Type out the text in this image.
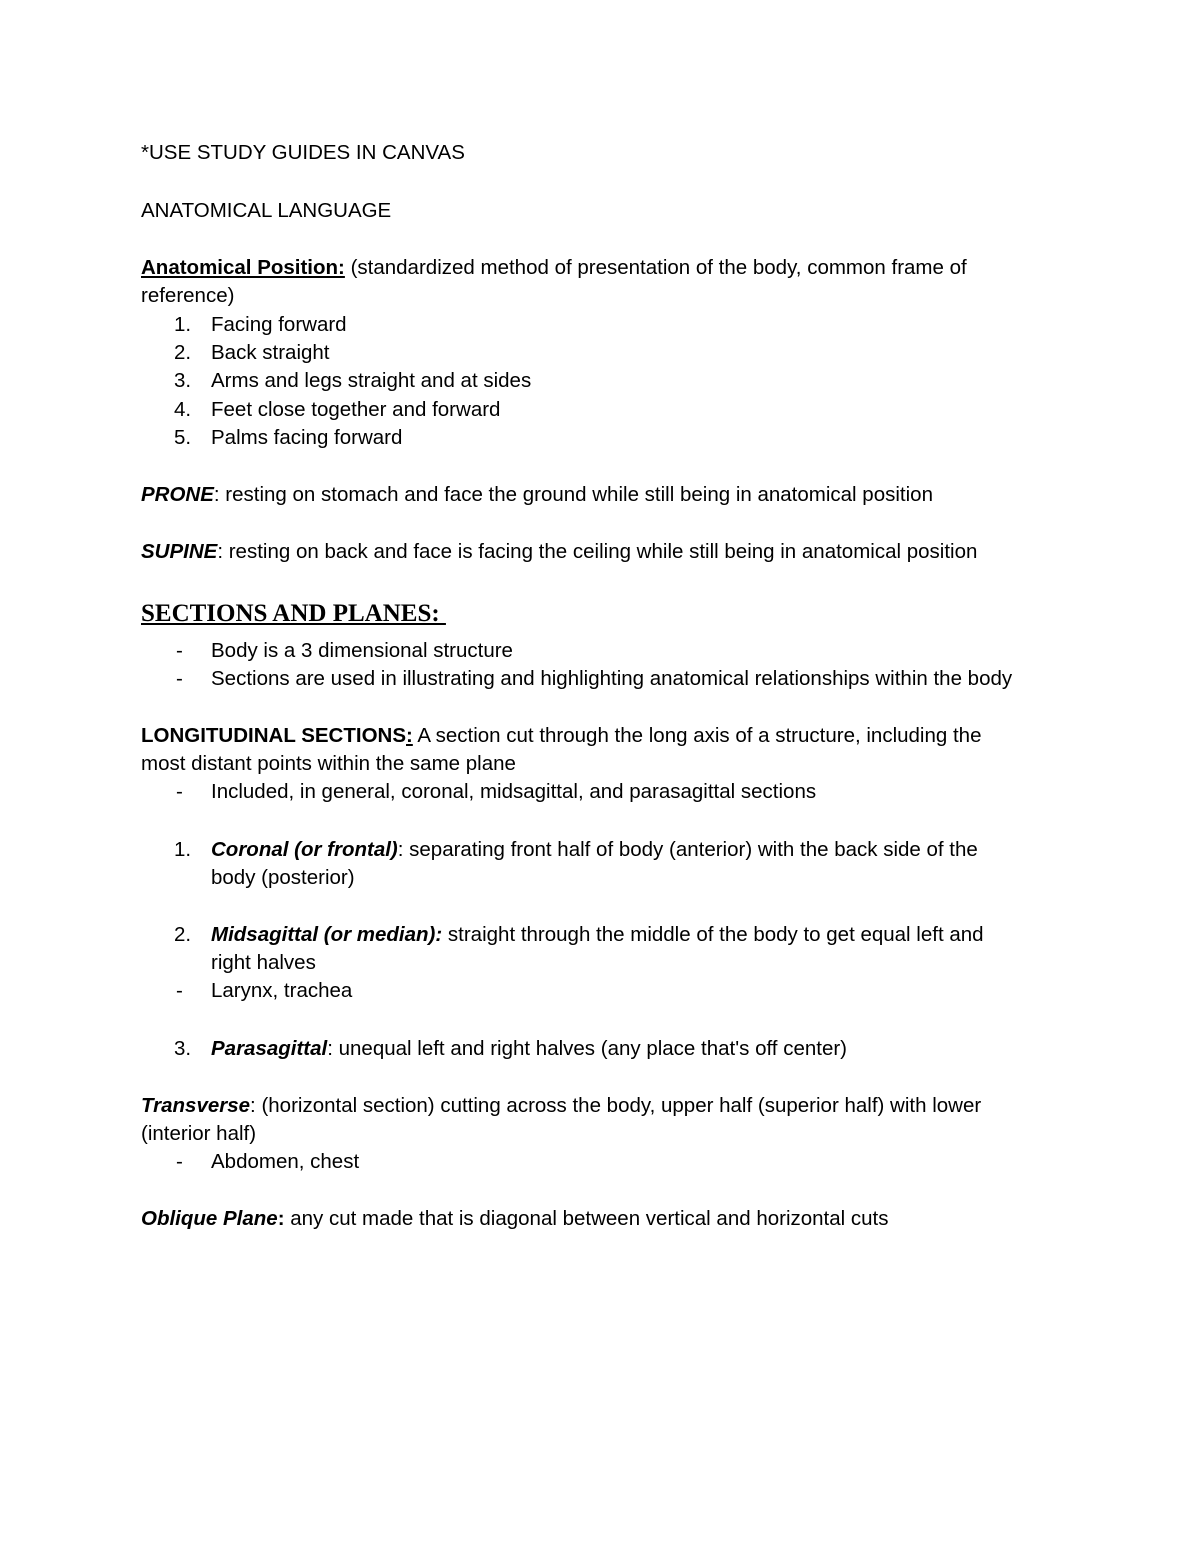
*USE STUDY GUIDES IN CANVAS
ANATOMICAL LANGUAGE
Anatomical Position: (standardized method of presentation of the body, common frame of
reference)
1. Facing forward
2. Back straight
3. Arms and legs straight and at sides
4. Feet close together and forward
5. Palms facing forward
PRONE: resting on stomach and face the ground while still being in anatomical position
SUPINE: resting on back and face is facing the ceiling while still being in anatomical position
SECTIONS AND PLANES:
- Body is a 3 dimensional structure
- Sections are used in illustrating and highlighting anatomical relationships within the body
LONGITUDINAL SECTIONS: A section cut through the long axis of a structure, including the
most distant points within the same plane
- Included, in general, coronal, midsagittal, and parasagittal sections
1. Coronal (or frontal): separating front half of body (anterior) with the back side of the
body (posterior)
2. Midsagittal (or median): straight through the middle of the body to get equal left and
right halves
- Larynx, trachea
3. Parasagittal: unequal left and right halves (any place that's off center)
Transverse: (horizontal section) cutting across the body, upper half (superior half) with lower
(interior half)
- Abdomen, chest
Oblique Plane: any cut made that is diagonal between vertical and horizontal cuts
